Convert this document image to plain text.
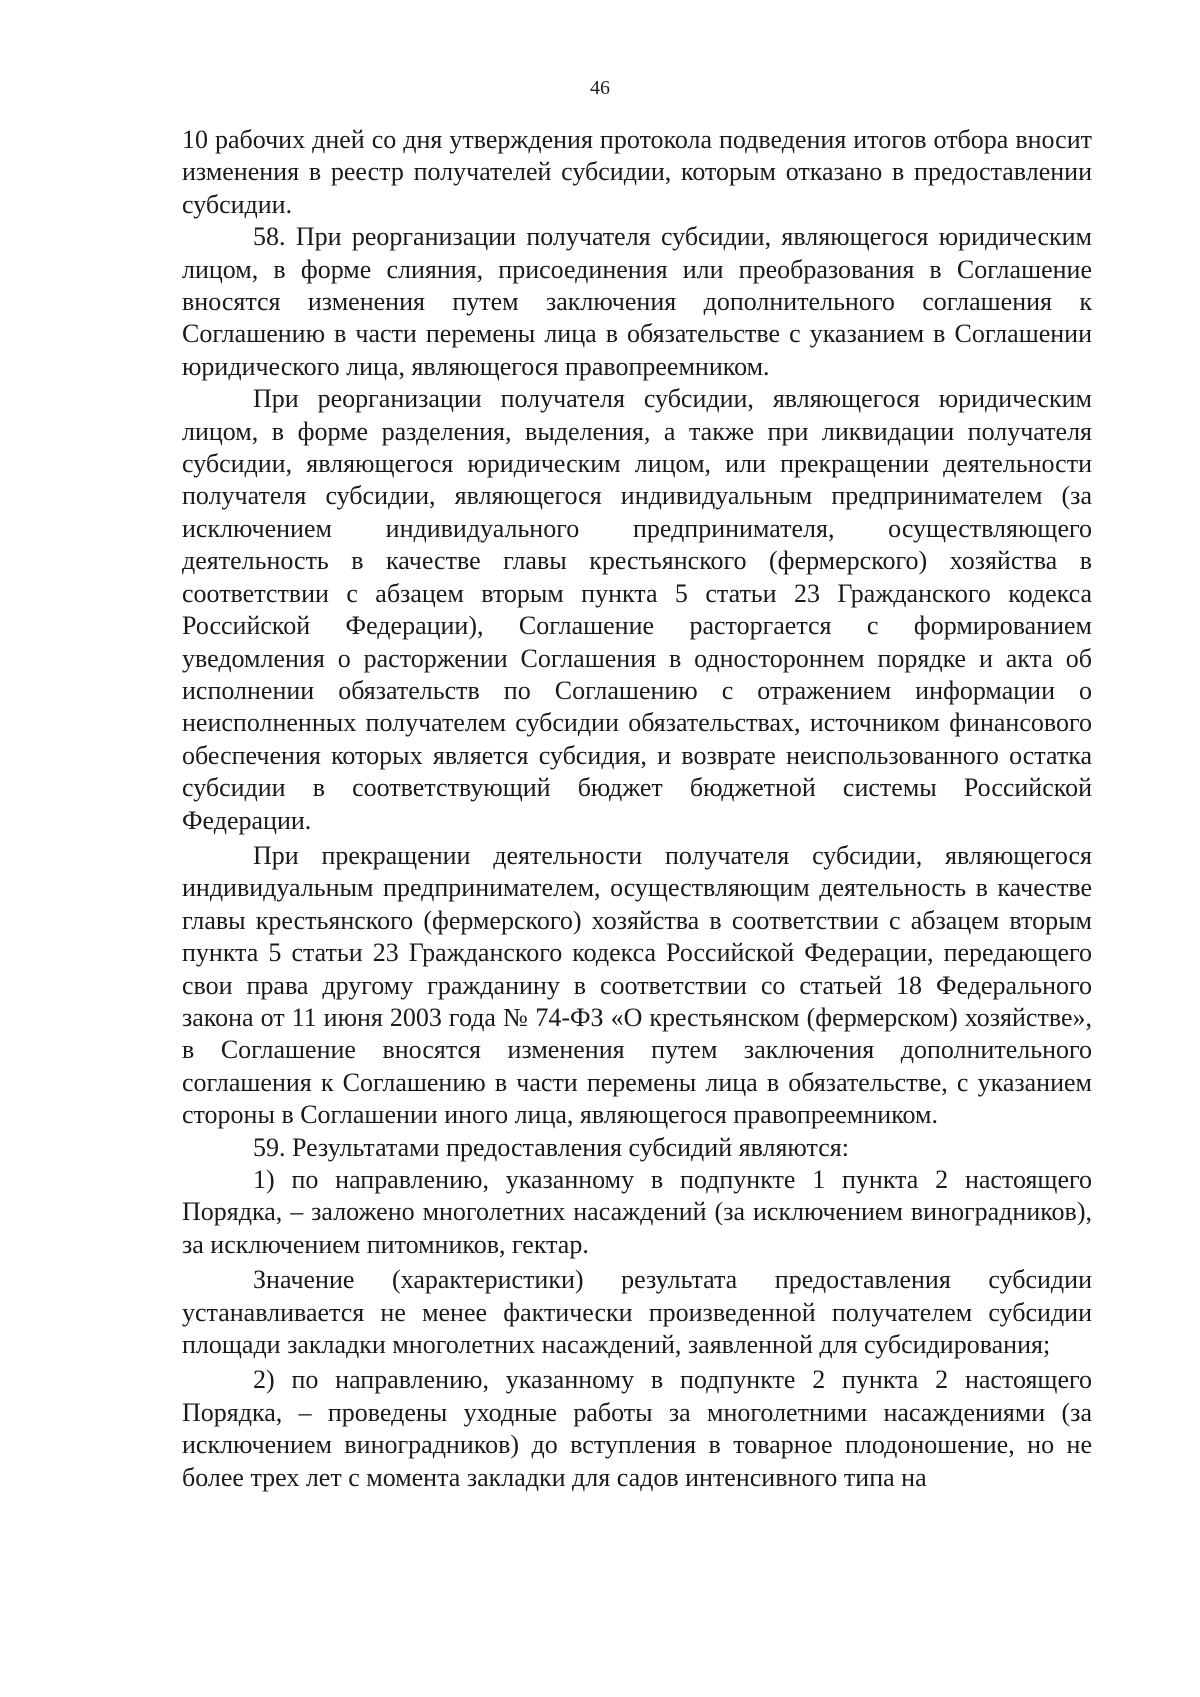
46

10 рабочих дней со дня утверждения протокола подведения итогов отбора вносит изменения в реестр получателей субсидии, которым отказано в предоставлении субсидии.

58. При реорганизации получателя субсидии, являющегося юридическим лицом, в форме слияния, присоединения или преобразования в Соглашение вносятся изменения путем заключения дополнительного соглашения к Соглашению в части перемены лица в обязательстве с указанием в Соглашении юридического лица, являющегося правопреемником.

При реорганизации получателя субсидии, являющегося юридическим лицом, в форме разделения, выделения, а также при ликвидации получателя субсидии, являющегося юридическим лицом, или прекращении деятельности получателя субсидии, являющегося индивидуальным предпринимателем (за исключением индивидуального предпринимателя, осуществляющего деятельность в качестве главы крестьянского (фермерского) хозяйства в соответствии с абзацем вторым пункта 5 статьи 23 Гражданского кодекса Российской Федерации), Соглашение расторгается с формированием уведомления о расторжении Соглашения в одностороннем порядке и акта об исполнении обязательств по Соглашению с отражением информации о неисполненных получателем субсидии обязательствах, источником финансового обеспечения которых является субсидия, и возврате неиспользованного остатка субсидии в соответствующий бюджет бюджетной системы Российской Федерации.

При прекращении деятельности получателя субсидии, являющегося индивидуальным предпринимателем, осуществляющим деятельность в качестве главы крестьянского (фермерского) хозяйства в соответствии с абзацем вторым пункта 5 статьи 23 Гражданского кодекса Российской Федерации, передающего свои права другому гражданину в соответствии со статьей 18 Федерального закона от 11 июня 2003 года № 74-ФЗ «О крестьянском (фермерском) хозяйстве», в Соглашение вносятся изменения путем заключения дополнительного соглашения к Соглашению в части перемены лица в обязательстве, с указанием стороны в Соглашении иного лица, являющегося правопреемником.

59. Результатами предоставления субсидий являются:

1) по направлению, указанному в подпункте 1 пункта 2 настоящего Порядка, – заложено многолетних насаждений (за исключением виноградников), за исключением питомников, гектар.

Значение (характеристики) результата предоставления субсидии устанавливается не менее фактически произведенной получателем субсидии площади закладки многолетних насаждений, заявленной для субсидирования;

2) по направлению, указанному в подпункте 2 пункта 2 настоящего Порядка, – проведены уходные работы за многолетними насаждениями (за исключением виноградников) до вступления в товарное плодоношение, но не более трех лет с момента закладки для садов интенсивного типа на
